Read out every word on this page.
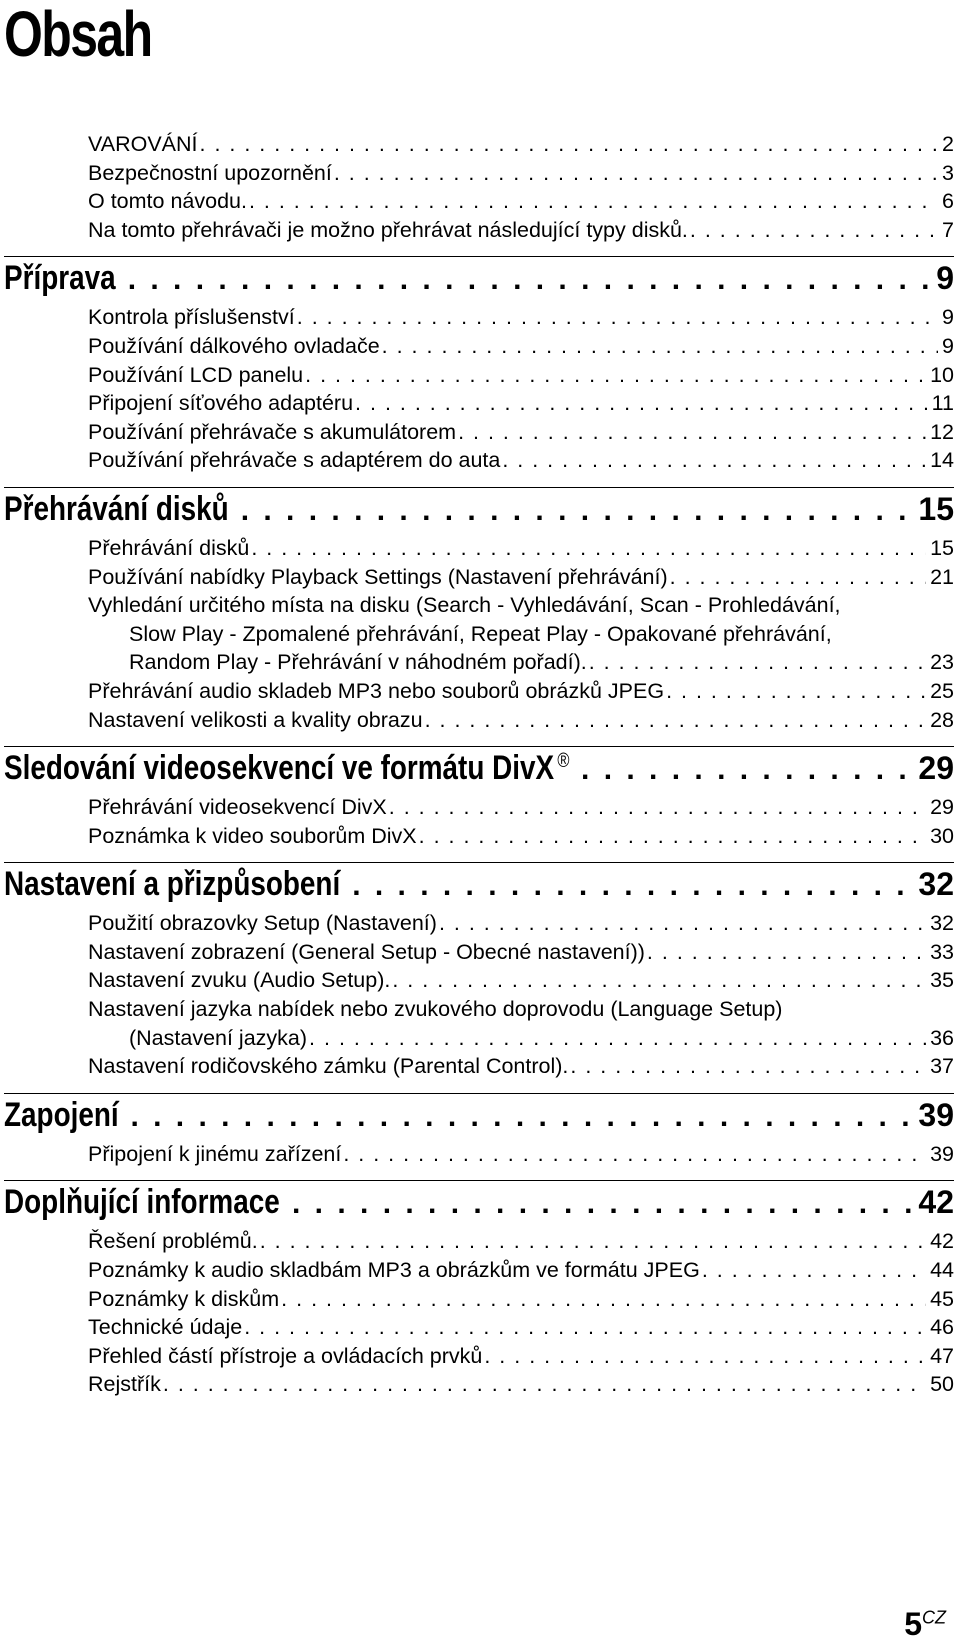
Obsah
VAROVÁNÍ . . .	2
Bezpečnostní upozornění . . .	3
O tomto návodu. . . .	6
Na tomto přehrávači je možno přehrávat následující typy disků. . . .	7
Příprava . . .	9
Kontrola příslušenství . . .	9
Používání dálkového ovladače . . .	9
Používání LCD panelu . . .	10
Připojení síťového adaptéru . . .	11
Používání přehrávače s akumulátorem . . .	12
Používání přehrávače s adaptérem do auta . . .	14
Přehrávání disků . . .	15
Přehrávání disků . . .	15
Používání nabídky Playback Settings (Nastavení přehrávání) . . .	21
Vyhledání určitého místa na disku (Search - Vyhledávání, Scan - Prohledávání,
Slow Play - Zpomalené přehrávání, Repeat Play - Opakované přehrávání,
Random Play - Přehrávání v náhodném pořadí). . . .	23
Přehrávání audio skladeb MP3 nebo souborů obrázků JPEG . . .	25
Nastavení velikosti a kvality obrazu . . .	28
Sledování videosekvencí ve formátu DivX ® . . .	29
Přehrávání videosekvencí DivX . . .	29
Poznámka k video souborům DivX . . .	30
Nastavení a přizpůsobení . . .	32
Použití obrazovky Setup (Nastavení) . . .	32
Nastavení zobrazení (General Setup - Obecné nastavení)) . . .	33
Nastavení zvuku (Audio Setup). . . .	35
Nastavení jazyka nabídek nebo zvukového doprovodu (Language Setup)
(Nastavení jazyka) . . .	36
Nastavení rodičovského zámku (Parental Control). . . .	37
Zapojení . . .	39
Připojení k jinému zařízení . . .	39
Doplňující informace . . .	42
Řešení problémů. . . .	42
Poznámky k audio skladbám MP3 a obrázkům ve formátu JPEG . . .	44
Poznámky k diskům . . .	45
Technické údaje . . .	46
Přehled částí přístroje a ovládacích prvků . . .	47
Rejstřík . . .	50
$5^{CZ}$
